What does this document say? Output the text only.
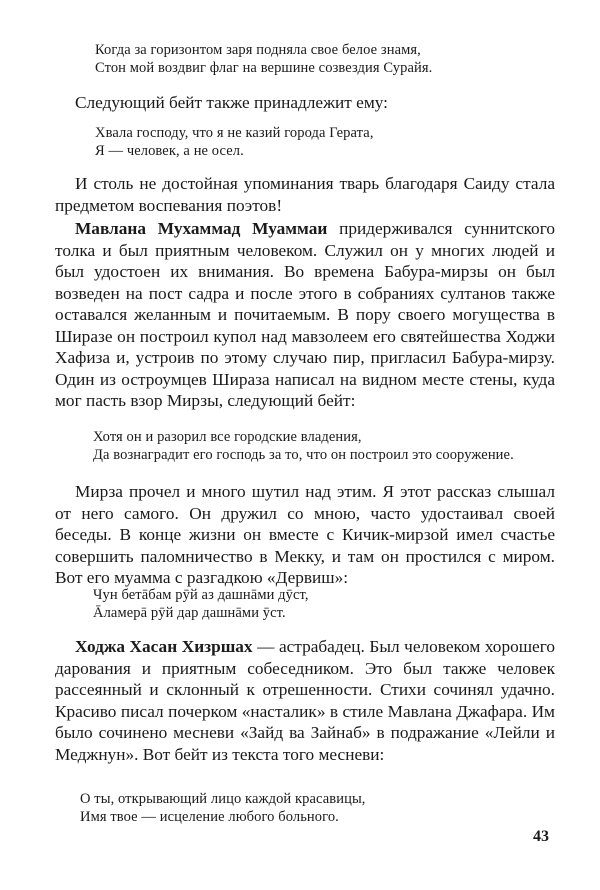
Когда за горизонтом заря подняла свое белое знамя,
Стон мой воздвиг флаг на вершине созвездия Сурайя.
Следующий бейт также принадлежит ему:
Хвала господу, что я не казий города Герата,
Я — человек, а не осел.
И столь не достойная упоминания тварь благодаря Саиду стала предметом воспевания поэтов!
Мавлана Мухаммад Муаммаи придерживался суннитского толка и был приятным человеком. Служил он у многих людей и был удостоен их внимания. Во времена Бабура-мирзы он был возведен на пост садра и после этого в собраниях султанов также оставался желанным и почитаемым. В пору своего могущества в Ширазе он построил купол над мавзолеем его святейшества Ходжи Хафиза и, устроив по этому случаю пир, пригласил Бабура-мирзу. Один из остроумцев Шираза написал на видном месте стены, куда мог пасть взор Мирзы, следующий бейт:
Хотя он и разорил все городские владения,
Да вознаградит его господь за то, что он построил это сооружение.
Мирза прочел и много шутил над этим. Я этот рассказ слышал от него самого. Он дружил со мною, часто удостаивал своей беседы. В конце жизни он вместе с Кичик-мирзой имел счастье совершить паломничество в Мекку, и там он простился с миром. Вот его муамма с разгадкою «Дервиш»:
Чун бетāбам рӯй аз дашнāми дӯст,
Āламерā рӯй дар дашнāми ӯст.
Ходжа Хасан Хизршах — астрабадец. Был человеком хорошего дарования и приятным собеседником. Это был также человек рассеянный и склонный к отрешенности. Стихи сочинял удачно. Красиво писал почерком «насталик» в стиле Мавлана Джафара. Им было сочинено месневи «Зайд ва Зайнаб» в подражание «Лейли и Меджнун». Вот бейт из текста того месневи:
О ты, открывающий лицо каждой красавицы,
Имя твое — исцеление любого больного.
43
